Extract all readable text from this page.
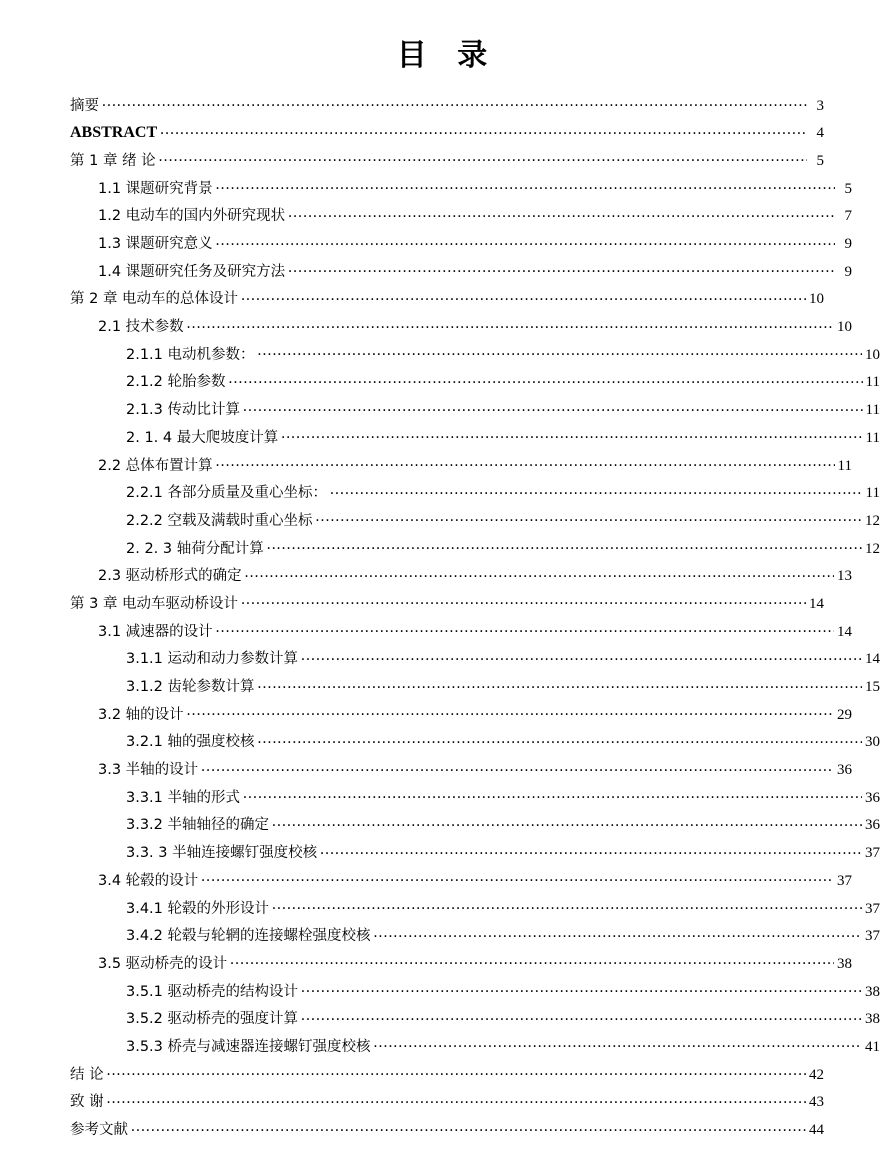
目 录
摘要 .....	3
ABSTRACT .....	4
第 1 章 绪 论 .....	5
1.1 课题研究背景 .....	5
1.2 电动车的国内外研究现状 .....	7
1.3 课题研究意义 .....	9
1.4 课题研究任务及研究方法 .....	9
第 2 章 电动车的总体设计 .....	10
2.1 技术参数 .....	10
2.1.1 电动机参数： .....	10
2.1.2 轮胎参数 .....	11
2.1.3 传动比计算 .....	11
2. 1. 4 最大爬坡度计算 .....	11
2.2 总体布置计算 .....	11
2.2.1 各部分质量及重心坐标： .....	11
2.2.2 空载及满载时重心坐标 .....	12
2. 2. 3 轴荷分配计算 .....	12
2.3 驱动桥形式的确定 .....	13
第 3 章 电动车驱动桥设计 .....	14
3.1 减速器的设计 .....	14
3.1.1 运动和动力参数计算 .....	14
3.1.2 齿轮参数计算 .....	15
3.2 轴的设计 .....	29
3.2.1 轴的强度校核 .....	30
3.3 半轴的设计 .....	36
3.3.1 半轴的形式 .....	36
3.3.2 半轴轴径的确定 .....	36
3.3. 3 半轴连接螺钉强度校核 .....	37
3.4 轮毂的设计 .....	37
3.4.1 轮毂的外形设计 .....	37
3.4.2 轮毂与轮辋的连接螺栓强度校核 .....	37
3.5 驱动桥壳的设计 .....	38
3.5.1 驱动桥壳的结构设计 .....	38
3.5.2 驱动桥壳的强度计算 .....	38
3.5.3 桥壳与减速器连接螺钉强度校核 .....	41
结 论 .....	42
致 谢 .....	43
参考文献 .....	44
